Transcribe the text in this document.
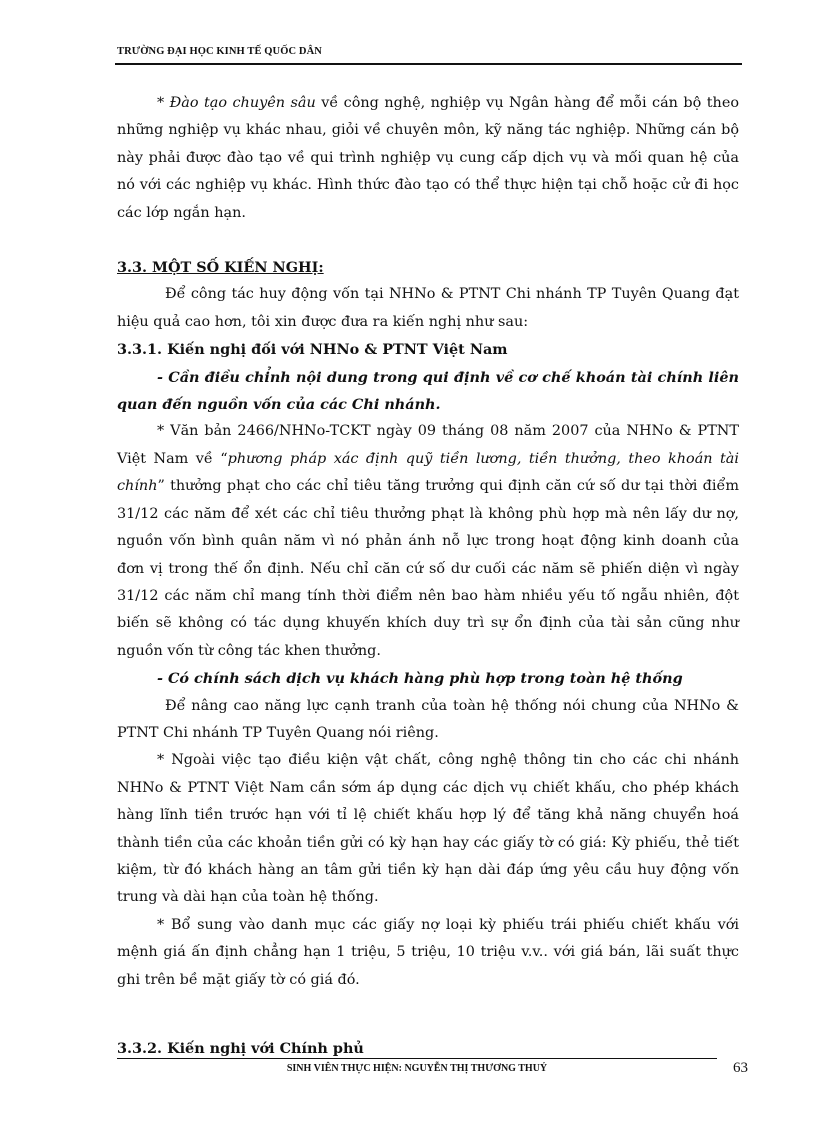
TRƯỜNG ĐẠI HỌC KINH TẾ QUỐC DÂN

* Đào tạo chuyên sâu về công nghệ, nghiệp vụ Ngân hàng để mỗi cán bộ theo những nghiệp vụ khác nhau, giỏi về chuyên môn, kỹ năng tác nghiệp. Những cán bộ này phải được đào tạo về qui trình nghiệp vụ cung cấp dịch vụ và mối quan hệ của nó với các nghiệp vụ khác. Hình thức đào tạo có thể thực hiện tại chỗ hoặc cử đi học các lớp ngắn hạn.

3.3. MỘT SỐ KIẾN NGHỊ:

Để công tác huy động vốn tại NHNo & PTNT Chi nhánh TP Tuyên Quang đạt hiệu quả cao hơn, tôi xin được đưa ra kiến nghị như sau:

3.3.1. Kiến nghị đối với NHNo & PTNT Việt Nam

- Cần điều chỉnh nội dung trong qui định về cơ chế khoán tài chính liên quan đến nguồn vốn của các Chi nhánh.

* Văn bản 2466/NHNo-TCKT ngày 09 tháng 08 năm 2007 của NHNo & PTNT Việt Nam về “phương pháp xác định quỹ tiền lương, tiền thưởng, theo khoán tài chính” thưởng phạt cho các chỉ tiêu tăng trưởng qui định căn cứ số dư tại thời điểm 31/12 các năm để xét các chỉ tiêu thưởng phạt là không phù hợp mà nên lấy dư nợ, nguồn vốn bình quân năm vì nó phản ánh nỗ lực trong hoạt động kinh doanh của đơn vị trong thế ổn định. Nếu chỉ căn cứ số dư cuối các năm sẽ phiến diện vì ngày 31/12 các năm chỉ mang tính thời điểm nên bao hàm nhiều yếu tố ngẫu nhiên, đột biến sẽ không có tác dụng khuyến khích duy trì sự ổn định của tài sản cũng như nguồn vốn từ công tác khen thưởng.

- Có chính sách dịch vụ khách hàng phù hợp trong toàn hệ thống

Để nâng cao năng lực cạnh tranh của toàn hệ thống nói chung của NHNo & PTNT Chi nhánh TP Tuyên Quang nói riêng.

* Ngoài việc tạo điều kiện vật chất, công nghệ thông tin cho các chi nhánh NHNo & PTNT Việt Nam cần sớm áp dụng các dịch vụ chiết khấu, cho phép khách hàng lĩnh tiền trước hạn với tỉ lệ chiết khấu hợp lý để tăng khả năng chuyển hoá thành tiền của các khoản tiền gửi có kỳ hạn hay các giấy tờ có giá: Kỳ phiếu, thẻ tiết kiệm, từ đó khách hàng an tâm gửi tiền kỳ hạn dài đáp ứng yêu cầu huy động vốn trung và dài hạn của toàn hệ thống.

* Bổ sung vào danh mục các giấy nợ loại kỳ phiếu trái phiếu chiết khấu với mệnh giá ấn định chẳng hạn 1 triệu, 5 triệu, 10 triệu v.v.. với giá bán, lãi suất thực ghi trên bề mặt giấy tờ có giá đó.

3.3.2. Kiến nghị với Chính phủ

SINH VIÊN THỰC HIỆN: NGUYỄN THỊ THƯƠNG THUỶ	63
